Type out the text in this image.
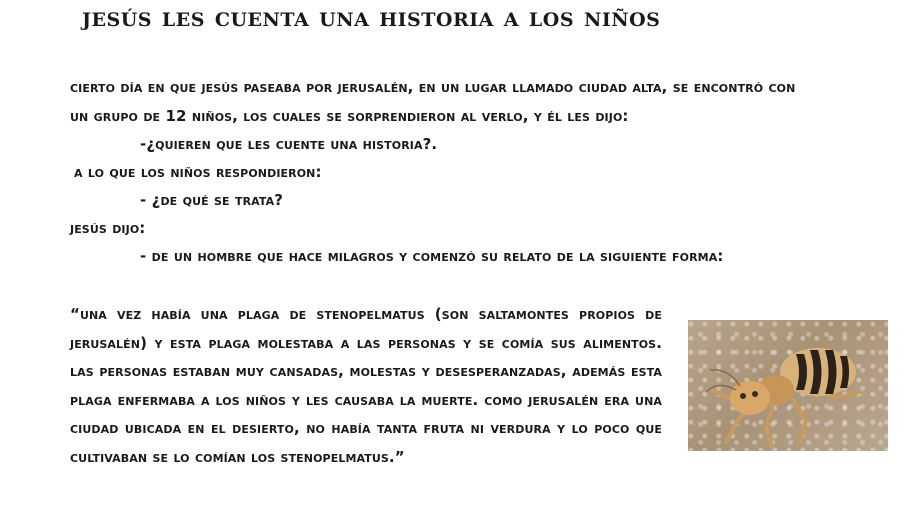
jesús les cuenta una historia a los niños
cierto día en que jesús paseaba por jerusalén, en un lugar llamado ciudad alta, se encontró con
un grupo de 12 niños, los cuales se sorprendieron al verlo, y él les dijo:
-¿quieren que les cuente una historia?.
a lo que los niños respondieron:
- ¿de qué se trata?
jesús dijo:
- de un hombre que hace milagros y comenzó su relato de la siguiente forma:
“una vez había una plaga de stenopelmatus (son saltamontes propios de jerusalén) y esta plaga molestaba a las personas y se comía sus alimentos. las personas estaban muy cansadas, molestas y desesperanzadas, además esta plaga enfermaba a los niños y les causaba la muerte. como jerusalén era una ciudad ubicada en el desierto, no había tanta fruta ni verdura y lo poco que cultivaban se lo comían los stenopelmatus.”
